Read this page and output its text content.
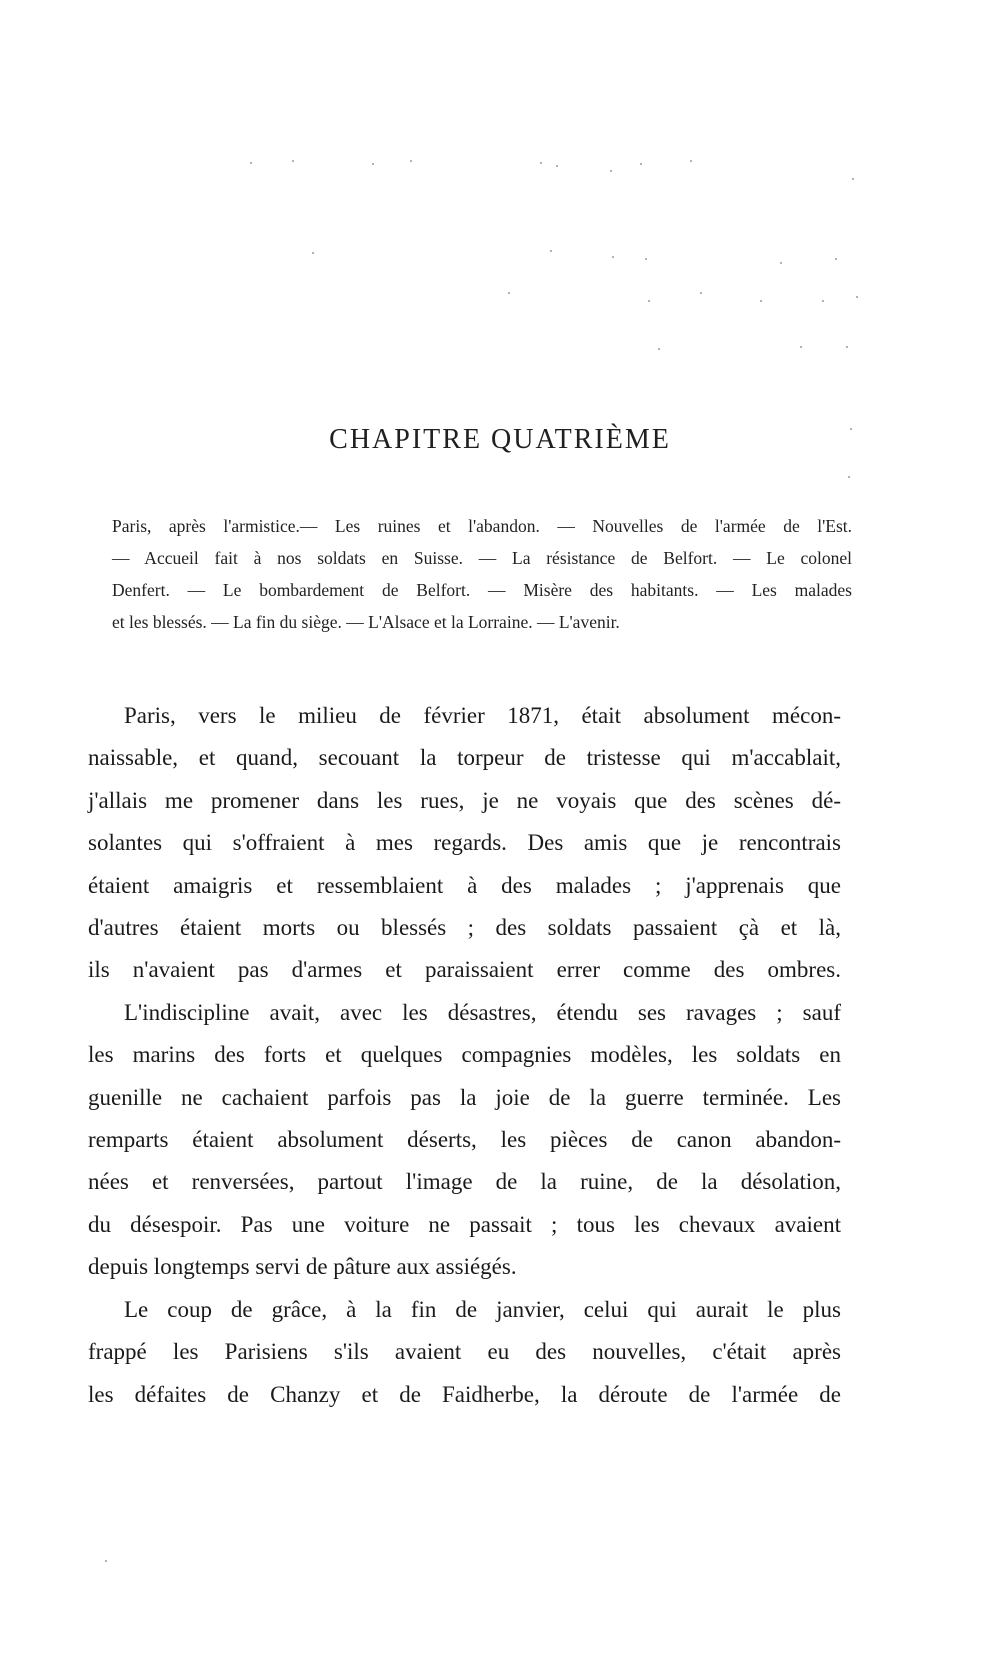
CHAPITRE QUATRIÈME

Paris, après l'armistice.— Les ruines et l'abandon. — Nouvelles de l'armée de l'Est.
— Accueil fait à nos soldats en Suisse. — La résistance de Belfort. — Le colonel
Denfert. — Le bombardement de Belfort. — Misère des habitants. — Les malades
et les blessés. — La fin du siège. — L'Alsace et la Lorraine. — L'avenir.

Paris, vers le milieu de février 1871, était absolument mécon-
naissable, et quand, secouant la torpeur de tristesse qui m'accablait,
j'allais me promener dans les rues, je ne voyais que des scènes dé-
solantes qui s'offraient à mes regards. Des amis que je rencontrais
étaient amaigris et ressemblaient à des malades ; j'apprenais que
d'autres étaient morts ou blessés ; des soldats passaient çà et là,
ils n'avaient pas d'armes et paraissaient errer comme des ombres.
L'indiscipline avait, avec les désastres, étendu ses ravages ; sauf
les marins des forts et quelques compagnies modèles, les soldats en
guenille ne cachaient parfois pas la joie de la guerre terminée. Les
remparts étaient absolument déserts, les pièces de canon abandon-
nées et renversées, partout l'image de la ruine, de la désolation,
du désespoir. Pas une voiture ne passait ; tous les chevaux avaient
depuis longtemps servi de pâture aux assiégés.
Le coup de grâce, à la fin de janvier, celui qui aurait le plus
frappé les Parisiens s'ils avaient eu des nouvelles, c'était après
les défaites de Chanzy et de Faidherbe, la déroute de l'armée de
